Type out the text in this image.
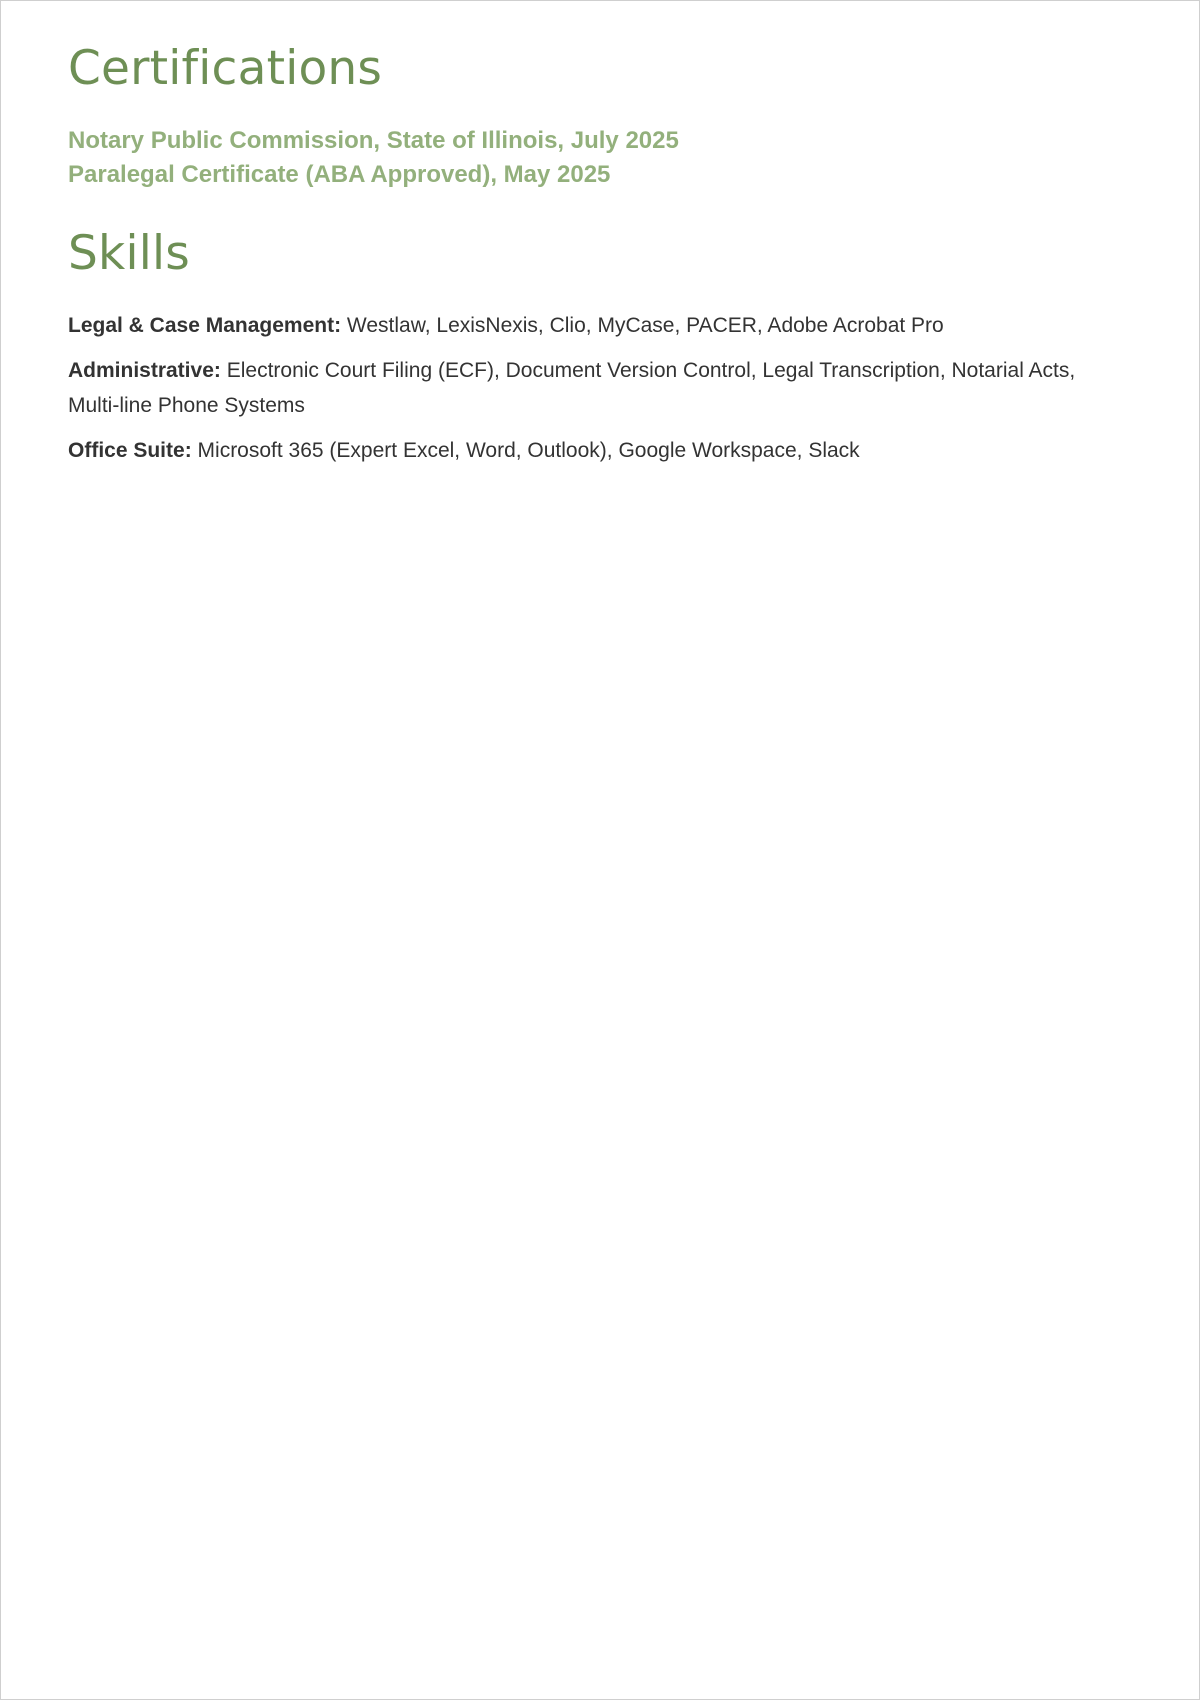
Certifications
Notary Public Commission, State of Illinois, July 2025
Paralegal Certificate (ABA Approved), May 2025
Skills

Legal & Case Management: Westlaw, LexisNexis, Clio, MyCase, PACER, Adobe Acrobat Pro

Administrative: Electronic Court Filing (ECF), Document Version Control, Legal Transcription, Notarial Acts, Multi-line Phone Systems

Office Suite: Microsoft 365 (Expert Excel, Word, Outlook), Google Workspace, Slack
